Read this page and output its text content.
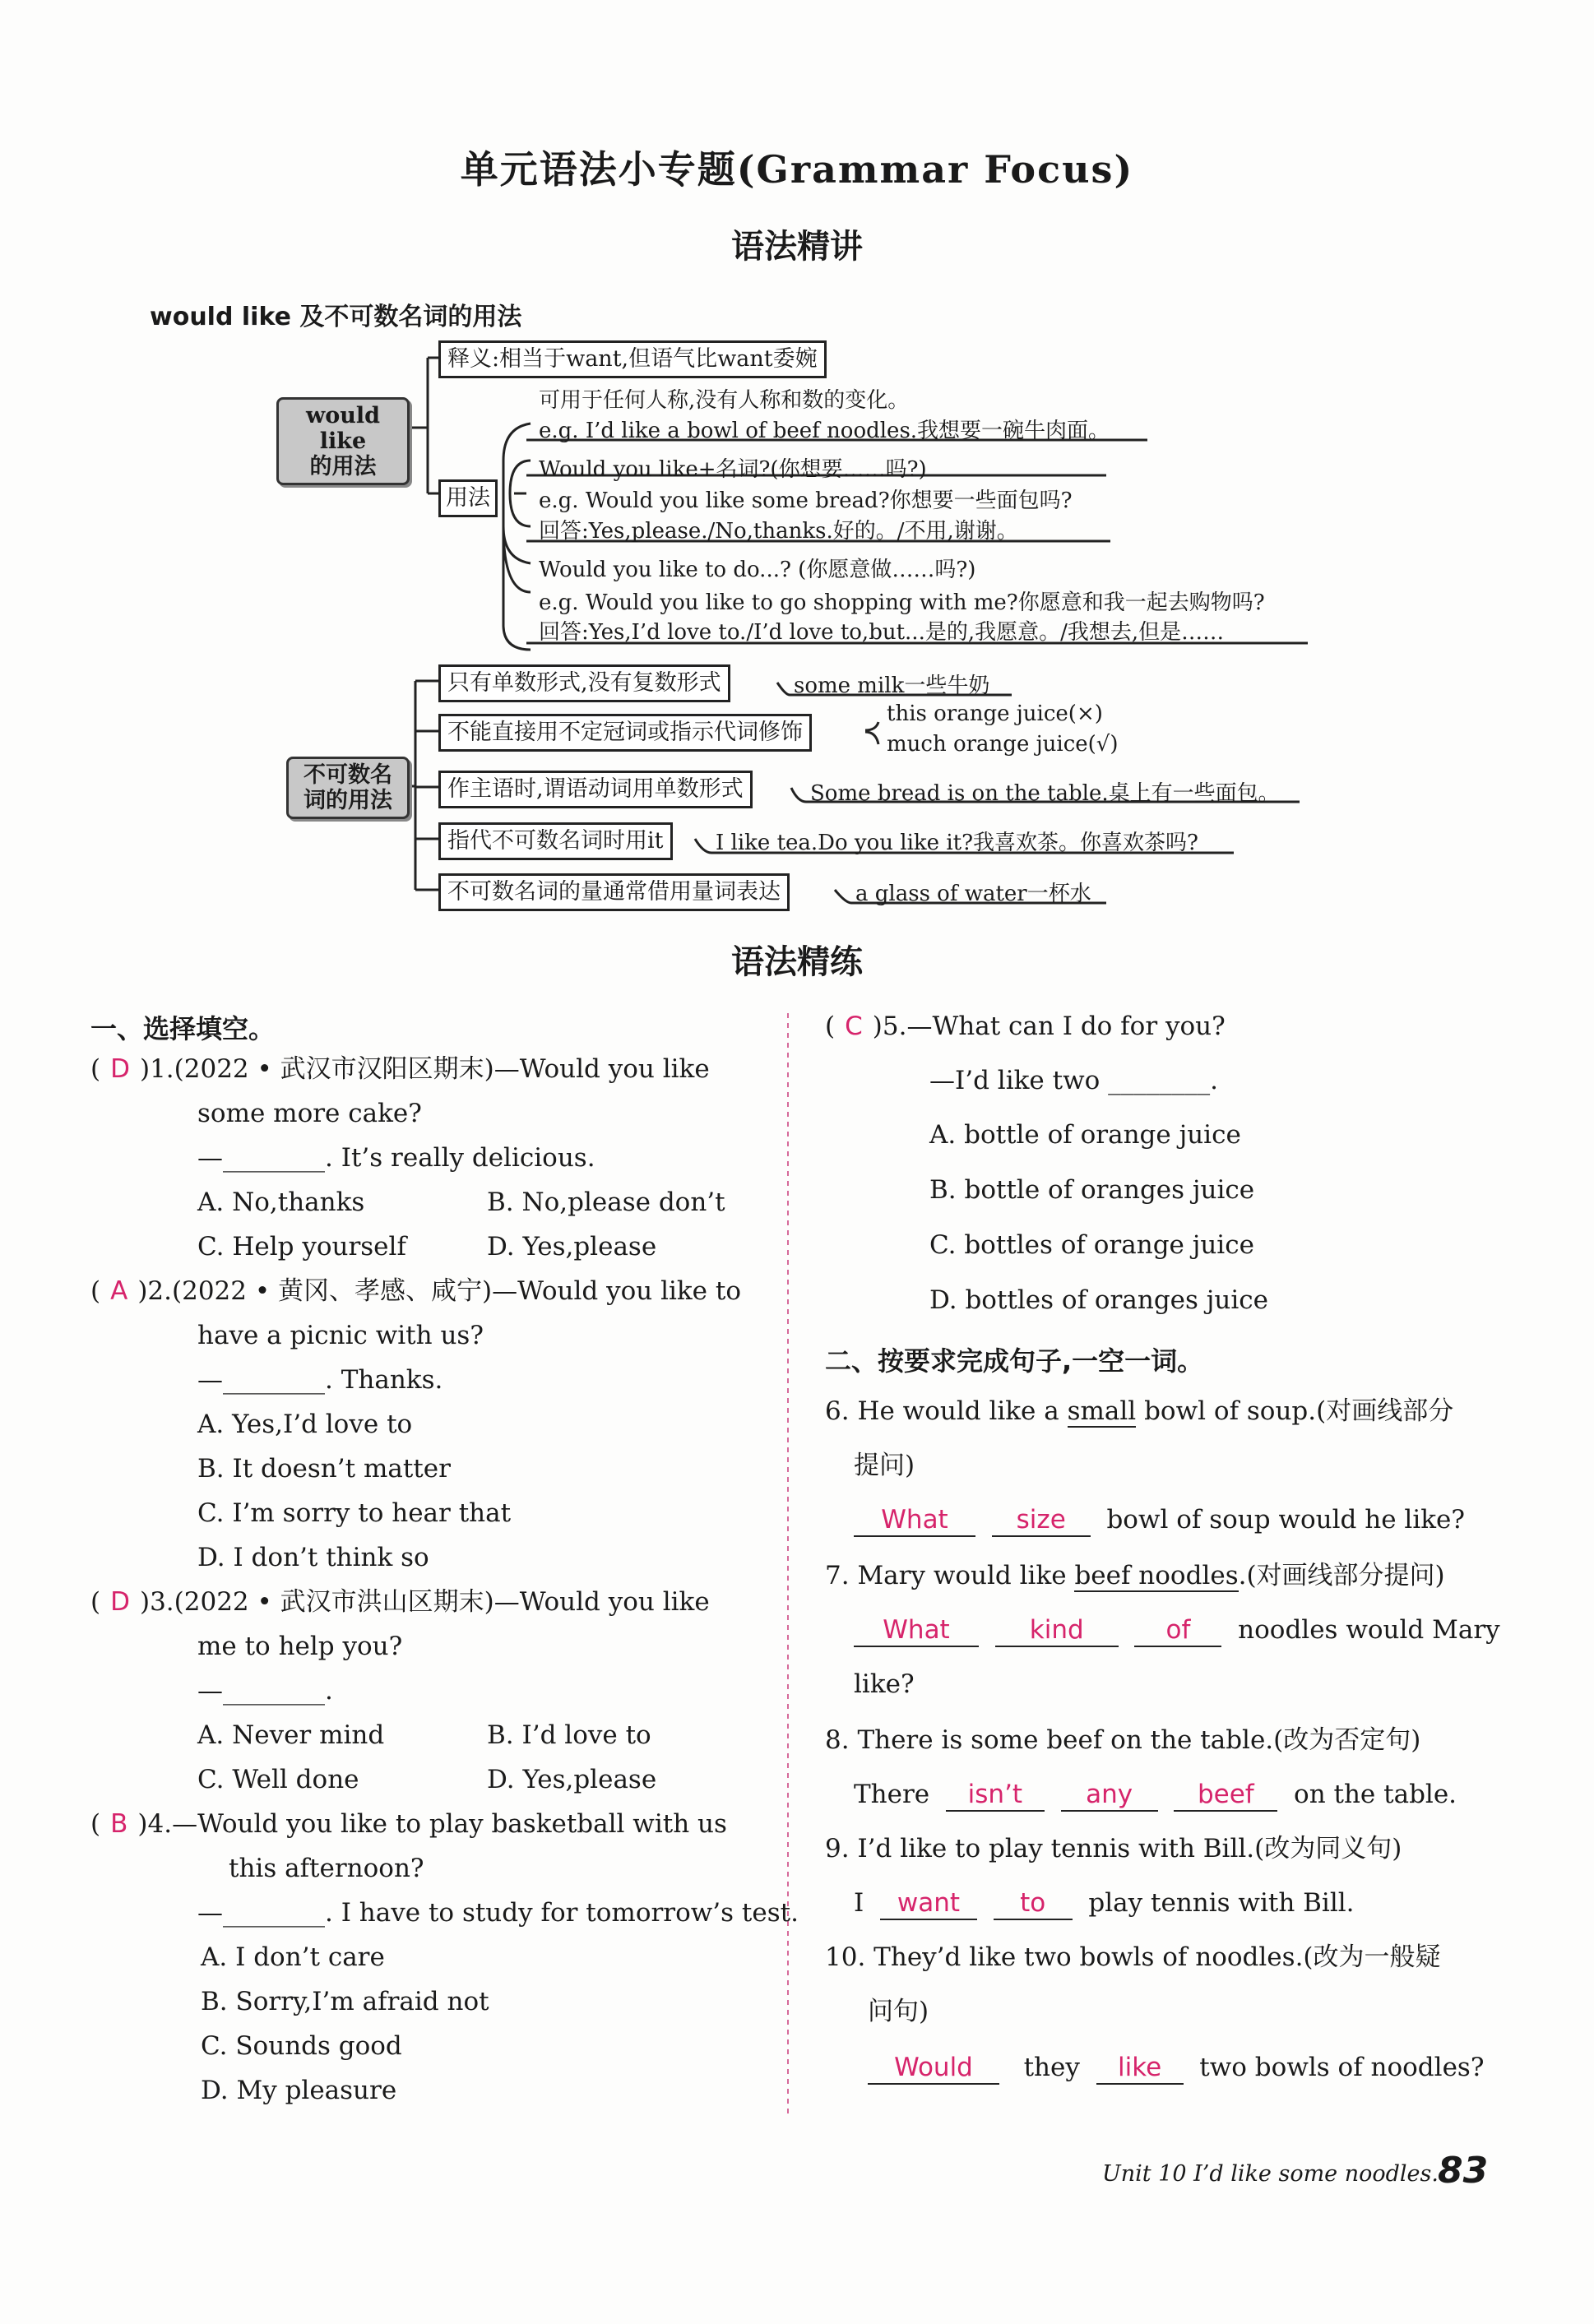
单元语法小专题(Grammar Focus)
语法精讲
would like 及不可数名词的用法
would like
的用法
释义:相当于want,但语气比want委婉
用法
可用于任何人称,没有人称和数的变化。
e.g. I’d like a bowl of beef noodles.我想要一碗牛肉面。
Would you like+名词?(你想要……吗?)
e.g. Would you like some bread?你想要一些面包吗?
回答:Yes,please./No,thanks.好的。/不用,谢谢。
Would you like to do...? (你愿意做……吗?)
e.g. Would you like to go shopping with me?你愿意和我一起去购物吗?
回答:Yes,I’d love to./I’d love to,but...是的,我愿意。/我想去,但是……
不可数名
词的用法
只有单数形式,没有复数形式	some milk一些牛奶
不能直接用不定冠词或指示代词修饰
this orange juice(×)
much orange juice(√)
作主语时,谓语动词用单数形式	Some bread is on the table.桌上有一些面包。
指代不可数名词时用it	I like tea.Do you like it?我喜欢茶。你喜欢茶吗?
不可数名词的量通常借用量词表达	a glass of water一杯水
语法精练
一、选择填空。
( D )1.(2022 • 武汉市汉阳区期末)—Would you like
some more cake?
—________. It’s really delicious.
A. No,thanks	B. No,please don’t
C. Help yourself	D. Yes,please
( A )2.(2022 • 黄冈、孝感、咸宁)—Would you like to
have a picnic with us?
—________. Thanks.
A. Yes,I’d love to
B. It doesn’t matter
C. I’m sorry to hear that
D. I don’t think so
( D )3.(2022 • 武汉市洪山区期末)—Would you like
me to help you?
—________.
A. Never mind	B. I’d love to
C. Well done	D. Yes,please
( B )4.—Would you like to play basketball with us
this afternoon?
—________. I have to study for tomorrow’s test.
A. I don’t care
B. Sorry,I’m afraid not
C. Sounds good
D. My pleasure
( C )5.—What can I do for you?
—I’d like two ________.
A. bottle of orange juice
B. bottle of oranges juice
C. bottles of orange juice
D. bottles of oranges juice
二、按要求完成句子,一空一词。
6. He would like a small bowl of soup.(对画线部分
提问)
What	size bowl of soup would he like?
7. Mary would like beef noodles.(对画线部分提问)
What	kind	of noodles would Mary
like?
8. There is some beef on the table.(改为否定句)
There isn’t any	beef on the table.
9. I’d like to play tennis with Bill.(改为同义句)
I want to play tennis with Bill.
10. They’d like two bowls of noodles.(改为一般疑
问句)
Would they like two bowls of noodles?
Unit 10 I’d like some noodles. 83
